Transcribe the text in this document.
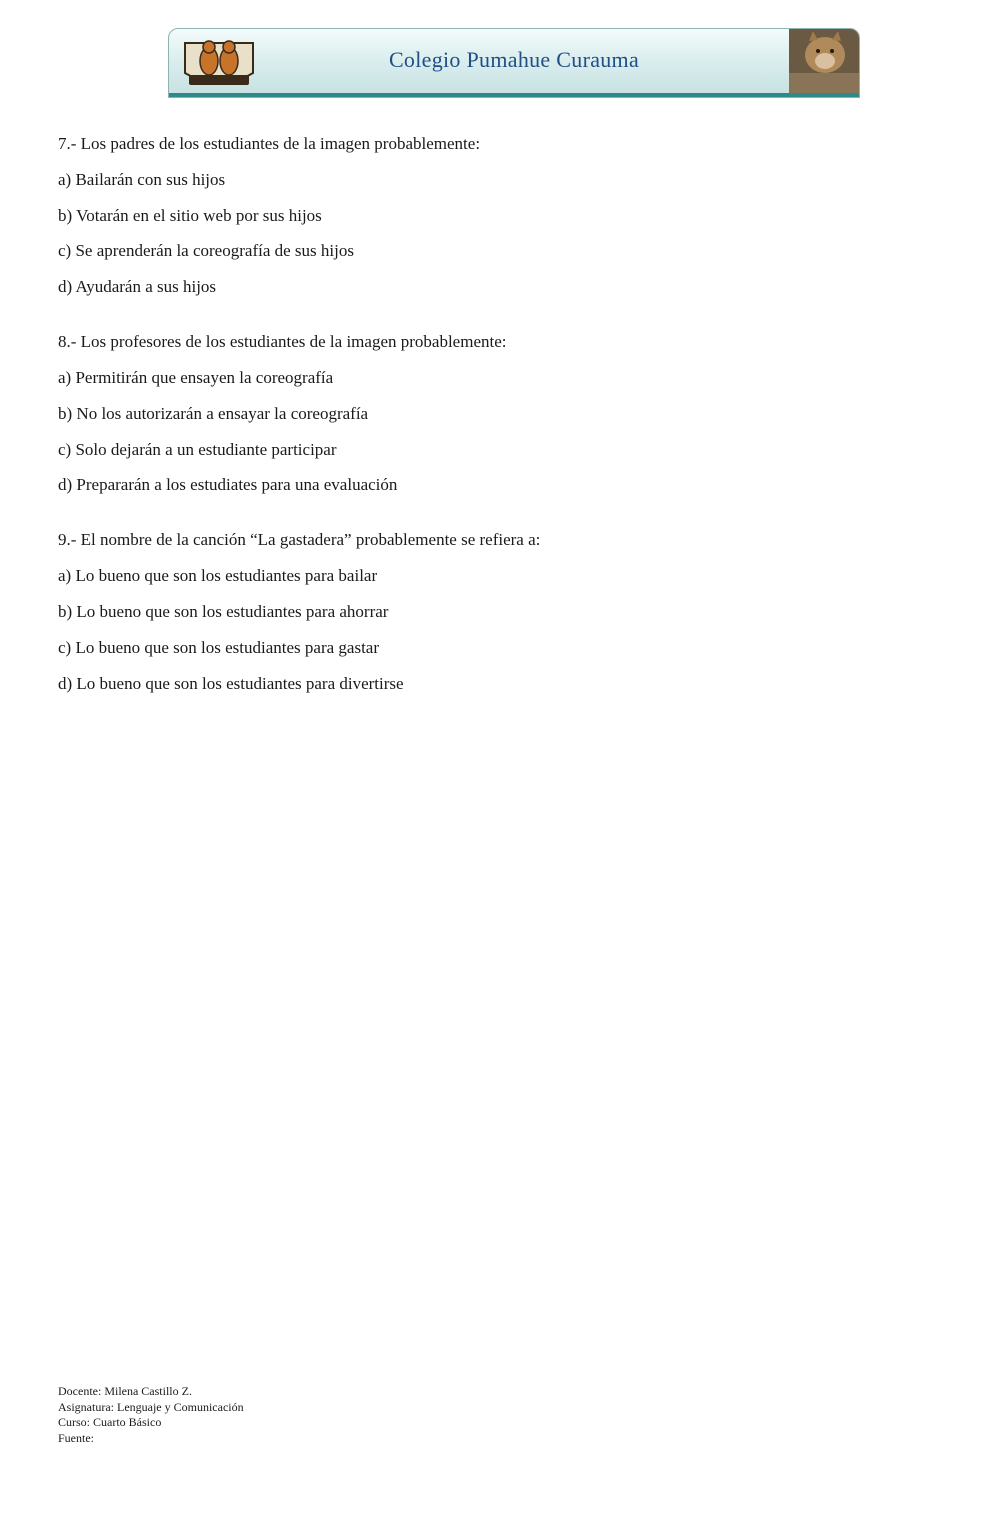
Colegio Pumahue Curauma
7.- Los padres de los estudiantes de la imagen probablemente:
a) Bailarán con sus hijos
b) Votarán en el sitio web por sus hijos
c) Se aprenderán la coreografía de sus hijos
d) Ayudarán a sus hijos
8.- Los profesores de los estudiantes de la imagen probablemente:
a) Permitirán que ensayen la coreografía
b) No los autorizarán a ensayar la coreografía
c) Solo dejarán a un estudiante participar
d) Prepararán a los estudiates para una evaluación
9.- El nombre de la canción “La gastadera” probablemente se refiera a:
a) Lo bueno que son los estudiantes para bailar
b) Lo bueno que son los estudiantes para ahorrar
c) Lo bueno que son los estudiantes para gastar
d) Lo bueno que son los estudiantes para divertirse
Docente: Milena Castillo Z.
Asignatura: Lenguaje y Comunicación
Curso: Cuarto Básico
Fuente:
